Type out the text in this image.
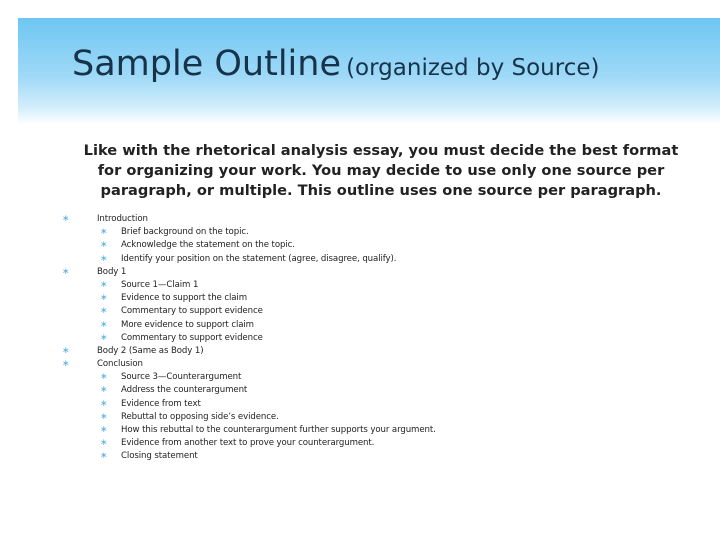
Sample Outline (organized by Source)
Like with the rhetorical analysis essay, you must decide the best format for organizing your work. You may decide to use only one source per paragraph, or multiple. This outline uses one source per paragraph.
∗	Introduction
∗ Brief background on the topic.
∗ Acknowledge the statement on the topic.
∗ Identify your position on the statement (agree, disagree, qualify).
∗	Body 1
∗ Source 1—Claim 1
∗ Evidence to support the claim
∗ Commentary to support evidence
∗ More evidence to support claim
∗ Commentary to support evidence
∗	Body 2 (Same as Body 1)
∗	Conclusion
∗ Source 3—Counterargument
∗ Address the counterargument
∗ Evidence from text
∗ Rebuttal to opposing side’s evidence.
∗ How this rebuttal to the counterargument further supports your argument.
∗ Evidence from another text to prove your counterargument.
∗ Closing statement
